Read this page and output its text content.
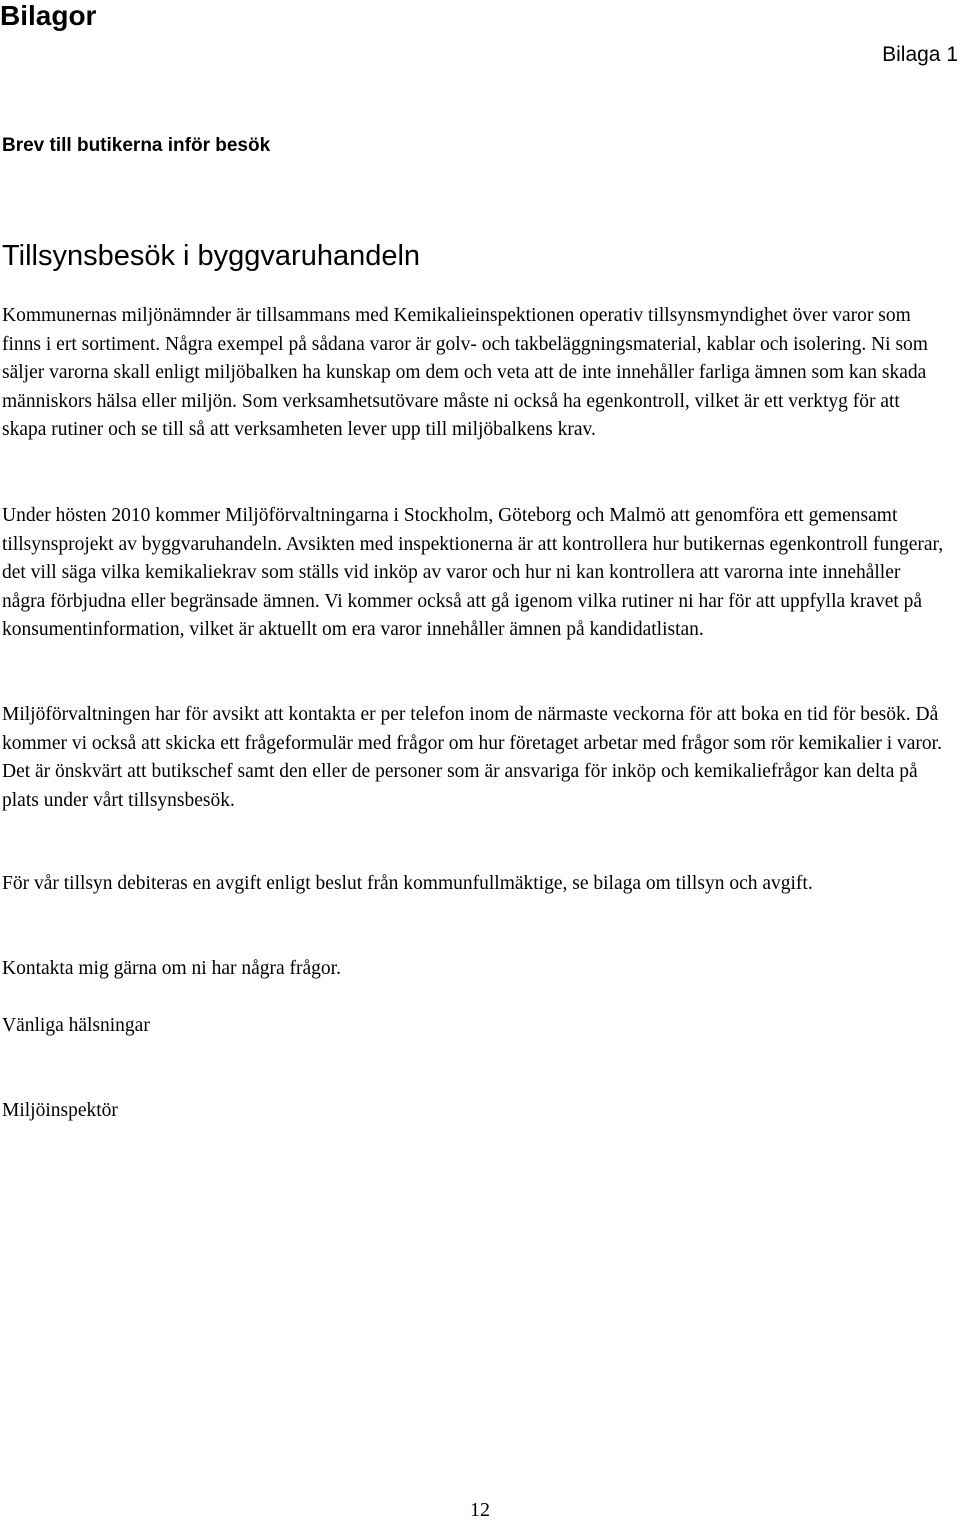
Bilagor
Bilaga 1
Brev till butikerna inför besök
Tillsynsbesök i byggvaruhandeln

Kommunernas miljönämnder är tillsammans med Kemikalieinspektionen operativ tillsynsmyndighet över varor som finns i ert sortiment. Några exempel på sådana varor är golv- och takbeläggningsmaterial, kablar och isolering. Ni som säljer varorna skall enligt miljöbalken ha kunskap om dem och veta att de inte innehåller farliga ämnen som kan skada människors hälsa eller miljön. Som verksamhetsutövare måste ni också ha egenkontroll, vilket är ett verktyg för att skapa rutiner och se till så att verksamheten lever upp till miljöbalkens krav.

Under hösten 2010 kommer Miljöförvaltningarna i Stockholm, Göteborg och Malmö att genomföra ett gemensamt tillsynsprojekt av byggvaruhandeln. Avsikten med inspektionerna är att kontrollera hur butikernas egenkontroll fungerar, det vill säga vilka kemikaliekrav som ställs vid inköp av varor och hur ni kan kontrollera att varorna inte innehåller några förbjudna eller begränsade ämnen. Vi kommer också att gå igenom vilka rutiner ni har för att uppfylla kravet på konsumentinformation, vilket är aktuellt om era varor innehåller ämnen på kandidatlistan.

Miljöförvaltningen har för avsikt att kontakta er per telefon inom de närmaste veckorna för att boka en tid för besök. Då kommer vi också att skicka ett frågeformulär med frågor om hur företaget arbetar med frågor som rör kemikalier i varor. Det är önskvärt att butikschef samt den eller de personer som är ansvariga för inköp och kemikaliefrågor kan delta på plats under vårt tillsynsbesök.

För vår tillsyn debiteras en avgift enligt beslut från kommunfullmäktige, se bilaga om tillsyn och avgift.

Kontakta mig gärna om ni har några frågor.

Vänliga hälsningar

Miljöinspektör

12
